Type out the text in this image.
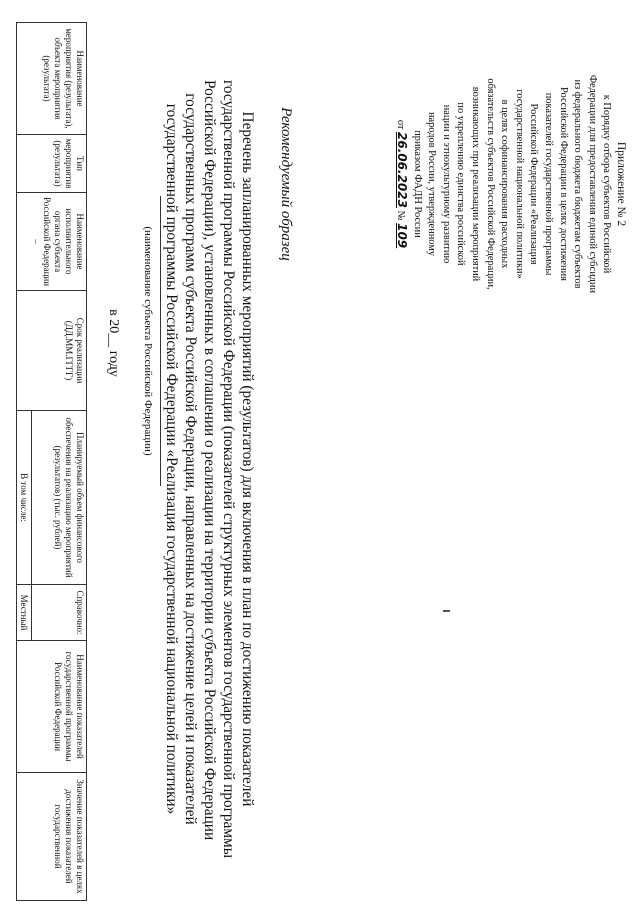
Приложение № 2
к Порядку отбора субъектов Российской
Федерации для предоставления единой субсидии
из федерального бюджета бюджетам субъектов
Российской Федерации в целях достижения
показателей государственной программы
Российской Федерации «Реализация
государственной национальной политики»
в целях софинансирования расходных
обязательств субъектов Российской Федерации,
возникающих при реализации мероприятий
по укреплению единства российской
нации и этнокультурному развитию
народов России, утвержденному
приказом ФАДН России
от 26.06.2023 № 109
Рекомендуемый образец
Перечень запланированных мероприятий (результатов) для включения в план по достижению показателей
государственной программы Российской Федерации (показателей структурных элементов государственной программы
Российской Федерации), установленных в соглашении о реализации на территории субъекта Российской Федерации
государственных программ субъекта Российской Федерации, направленных на достижение целей и показателей
государственной программы Российской Федерации «Реализация государственной национальной политики»
(наименование субъекта Российской Федерации)
в 20__ году
Наименование мероприятия (результата), объекта мероприятия (результата)	Тип мероприятия (результата)	Наименование исполнительного органа субъекта Российской Федерации –	Срок реализации (ДД.ММ.ГГГГ)	Планируемый объем финансового обеспечения на реализацию мероприятий (результатов) (тыс. рублей)	Справочно:	Наименование показателей государственной программы Российской Федерации	Значение показателей в целях достижения показателей государственной
				В том числе:	Местный		
